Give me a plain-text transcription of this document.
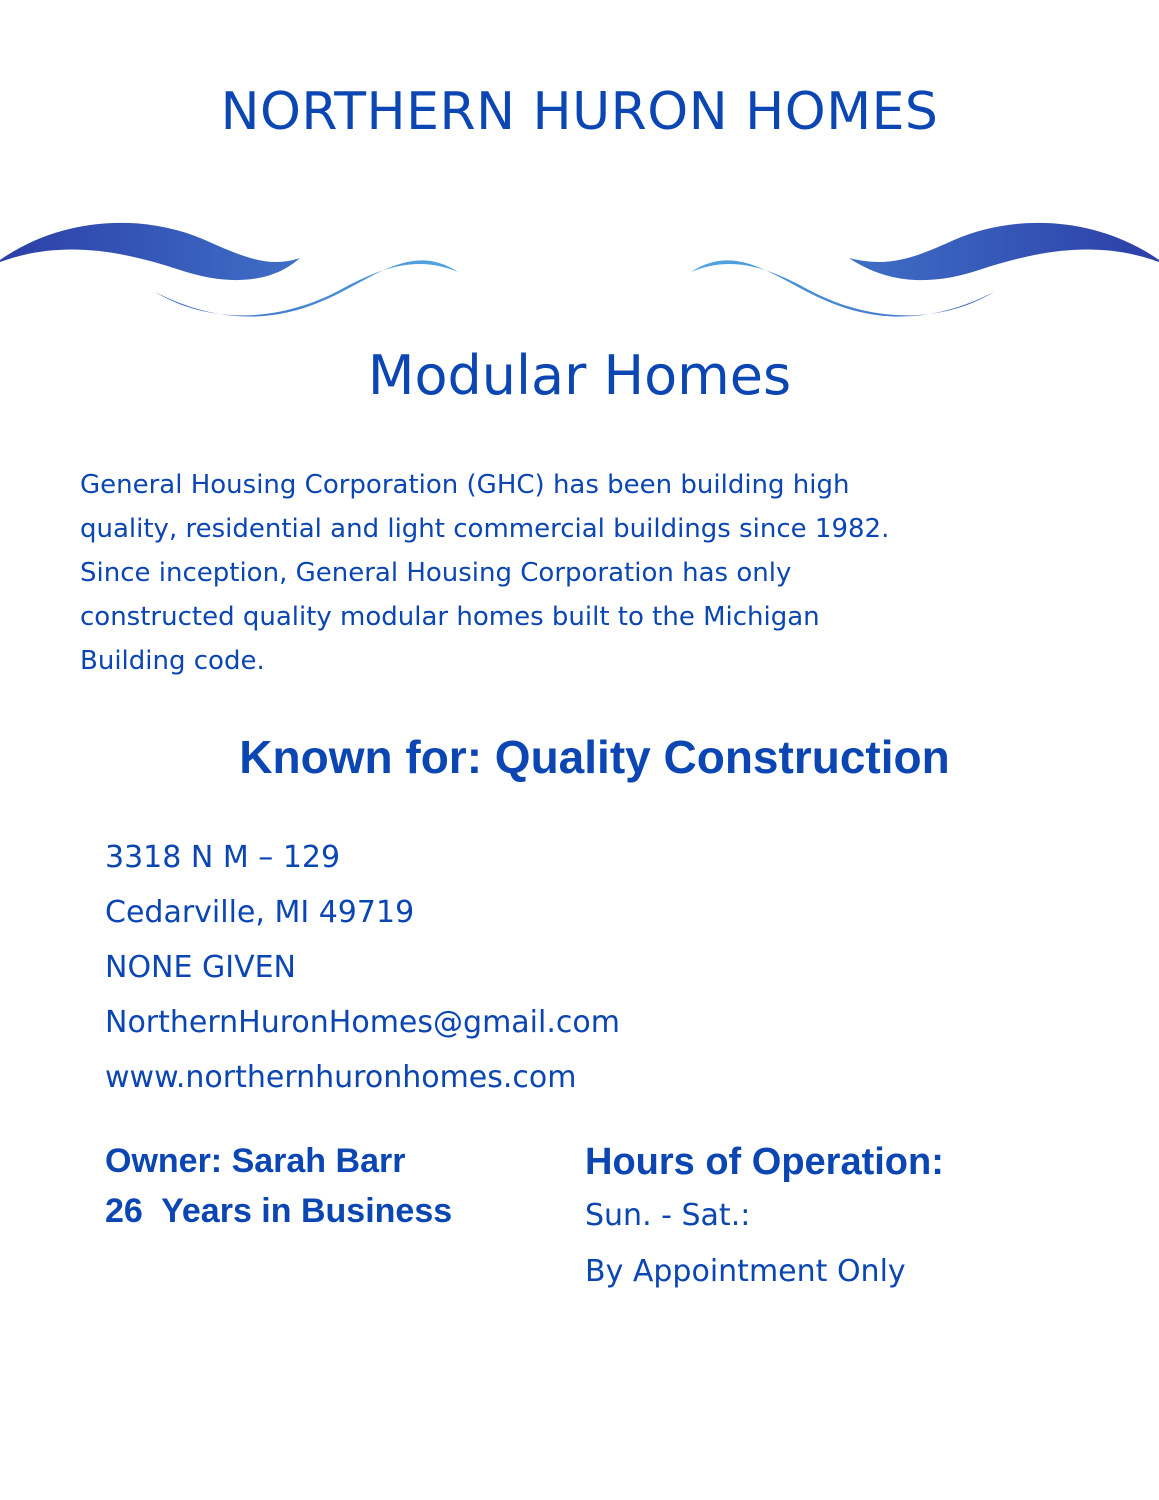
NORTHERN HURON HOMES
Modular Homes
General Housing Corporation (GHC) has been building high
quality, residential and light commercial buildings since 1982.
Since inception, General Housing Corporation has only
constructed quality modular homes built to the Michigan
Building code.
Known for: Quality Construction
3318 N M – 129
Cedarville, MI 49719
NONE GIVEN
NorthernHuronHomes@gmail.com
www.northernhuronhomes.com
Owner: Sarah Barr
26  Years in Business
Hours of Operation:
Sun. - Sat.:
By Appointment Only
